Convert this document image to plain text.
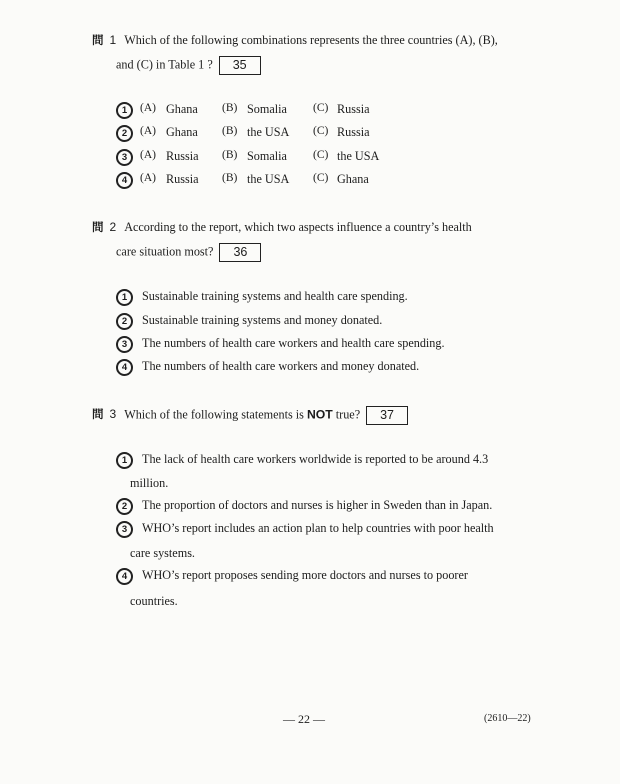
問 1 Which of the following combinations represents the three countries (A), (B),
and (C) in Table 1 ? 35
1	(A) Ghana (B) Somalia (C) Russia
2	(A) Ghana (B) the USA (C) Russia
3	(A) Russia (B) Somalia (C) the USA
4	(A) Russia (B) the USA (C) Ghana
問 2 According to the report, which two aspects influence a country’s health
care situation most? 36
1	Sustainable training systems and health care spending.
2	Sustainable training systems and money donated.
3	The numbers of health care workers and health care spending.
4	The numbers of health care workers and money donated.
問 3 Which of the following statements is NOT true? 37
1	The lack of health care workers worldwide is reported to be around 4.3
million.
2	The proportion of doctors and nurses is higher in Sweden than in Japan.
3	WHO’s report includes an action plan to help countries with poor health
care systems.
4	WHO’s report proposes sending more doctors and nurses to poorer
countries.
— 22 —	(2610—22)
